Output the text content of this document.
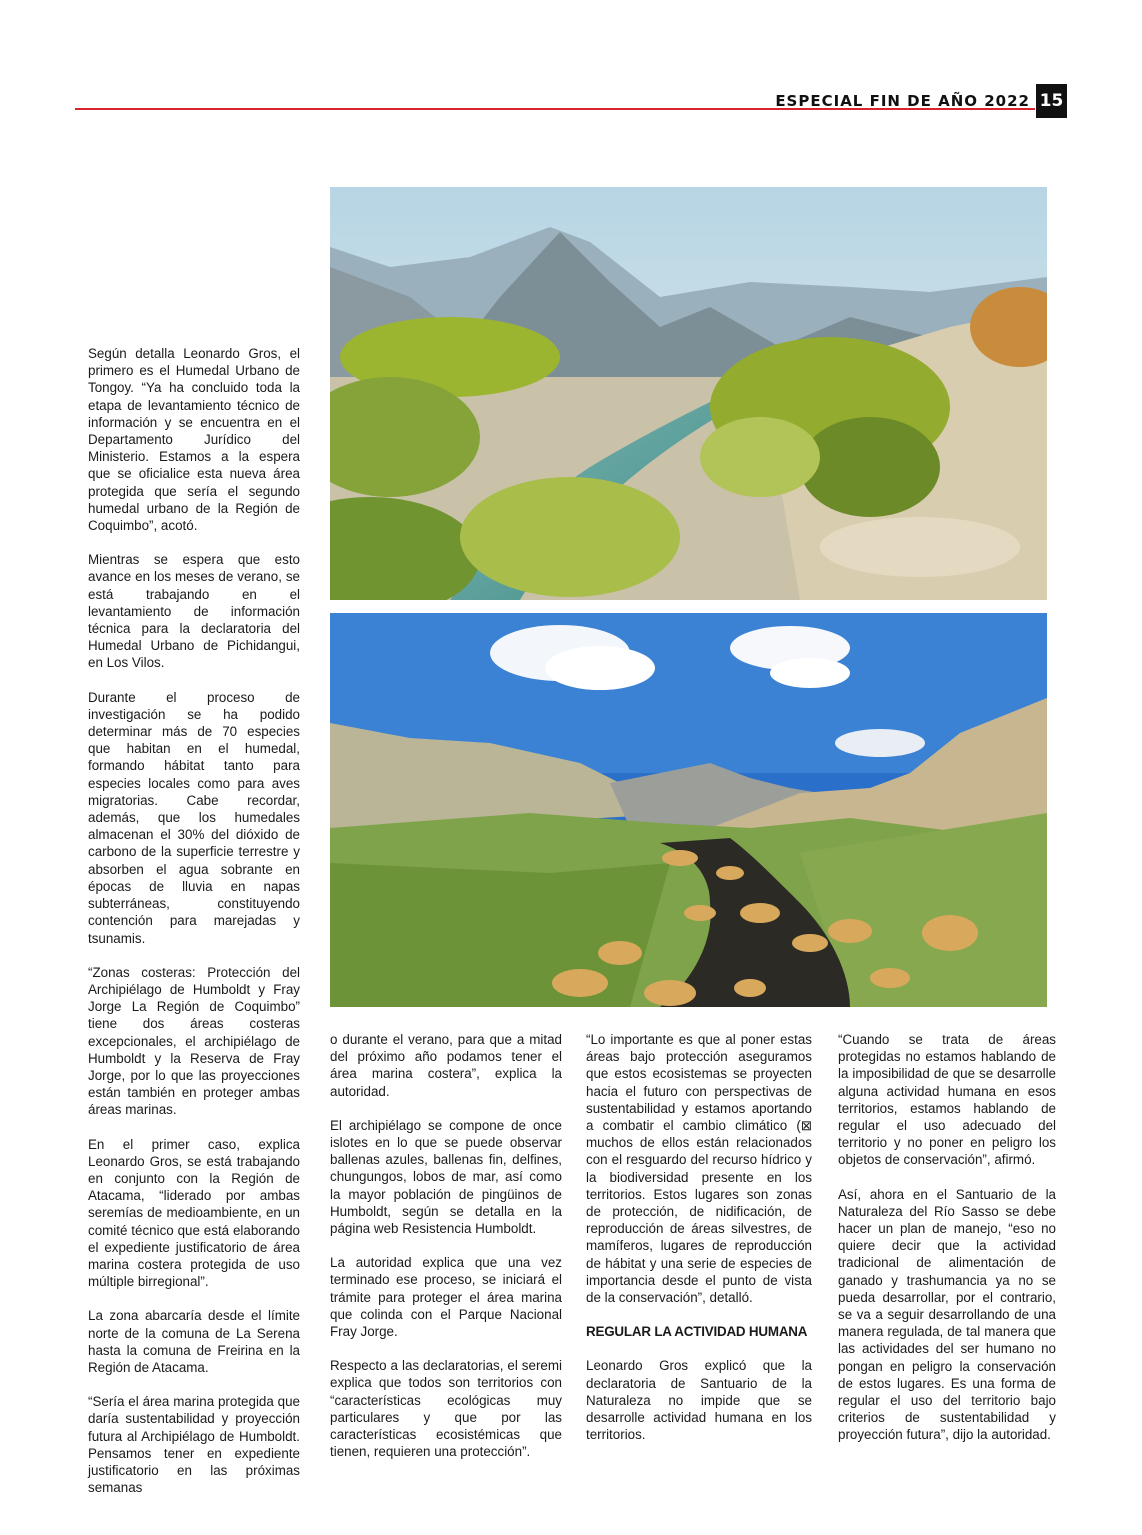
ESPECIAL FIN DE AÑO 2022 15

Según detalla Leonardo Gros, el primero es el Humedal Urbano de Tongoy. “Ya ha concluido toda la etapa de levantamiento técnico de información y se encuentra en el Departamento Jurídico del Ministerio. Estamos a la espera que se oficialice esta nueva área protegida que sería el segundo humedal urbano de la Región de Coquimbo”, acotó.

Mientras se espera que esto avance en los meses de verano, se está trabajando en el levantamiento de información técnica para la declaratoria del Humedal Urbano de Pichidangui, en Los Vilos.

Durante el proceso de investigación se ha podido determinar más de 70 especies que habitan en el humedal, formando hábitat tanto para especies locales como para aves migratorias. Cabe recordar, además, que los humedales almacenan el 30% del dióxido de carbono de la superficie terrestre y absorben el agua sobrante en épocas de lluvia en napas subterráneas, constituyendo contención para marejadas y tsunamis.

“Zonas costeras: Protección del Archipiélago de Humboldt y Fray Jorge La Región de Coquimbo” tiene dos áreas costeras excepcionales, el archipiélago de Humboldt y la Reserva de Fray Jorge, por lo que las proyecciones están también en proteger ambas áreas marinas.

En el primer caso, explica Leonardo Gros, se está trabajando en conjunto con la Región de Atacama, “liderado por ambas seremías de medioambiente, en un comité técnico que está elaborando el expediente justificatorio de área marina costera protegida de uso múltiple birregional”.

La zona abarcaría desde el límite norte de la comuna de La Serena hasta la comuna de Freirina en la Región de Atacama.

“Sería el área marina protegida que daría sustentabilidad y proyección futura al Archipiélago de Humboldt. Pensamos tener en expediente justificatorio en las próximas semanas

o durante el verano, para que a mitad del próximo año podamos tener el área marina costera”, explica la autoridad.

El archipiélago se compone de once islotes en lo que se puede observar ballenas azules, ballenas fin, delfines, chungungos, lobos de mar, así como la mayor población de pingüinos de Humboldt, según se detalla en la página web Resistencia Humboldt.

La autoridad explica que una vez terminado ese proceso, se iniciará el trámite para proteger el área marina que colinda con el Parque Nacional Fray Jorge.

Respecto a las declaratorias, el seremi explica que todos son territorios con “características ecológicas muy particulares y que por las características ecosistémicas que tienen, requieren una protección”.

“Lo importante es que al poner estas áreas bajo protección aseguramos que estos ecosistemas se proyecten hacia el futuro con perspectivas de sustentabilidad y estamos aportando a combatir el cambio climático (⊠ muchos de ellos están relacionados con el resguardo del recurso hídrico y la biodiversidad presente en los territorios. Estos lugares son zonas de protección, de nidificación, de reproducción de áreas silvestres, de mamíferos, lugares de reproducción de hábitat y una serie de especies de importancia desde el punto de vista de la conservación”, detalló.

REGULAR LA ACTIVIDAD HUMANA

Leonardo Gros explicó que la declaratoria de Santuario de la Naturaleza no impide que se desarrolle actividad humana en los territorios.

“Cuando se trata de áreas protegidas no estamos hablando de la imposibilidad de que se desarrolle alguna actividad humana en esos territorios, estamos hablando de regular el uso adecuado del territorio y no poner en peligro los objetos de conservación”, afirmó.

Así, ahora en el Santuario de la Naturaleza del Río Sasso se debe hacer un plan de manejo, “eso no quiere decir que la actividad tradicional de alimentación de ganado y trashumancia ya no se pueda desarrollar, por el contrario, se va a seguir desarrollando de una manera regulada, de tal manera que las actividades del ser humano no pongan en peligro la conservación de estos lugares. Es una forma de regular el uso del territorio bajo criterios de sustentabilidad y proyección futura”, dijo la autoridad.
